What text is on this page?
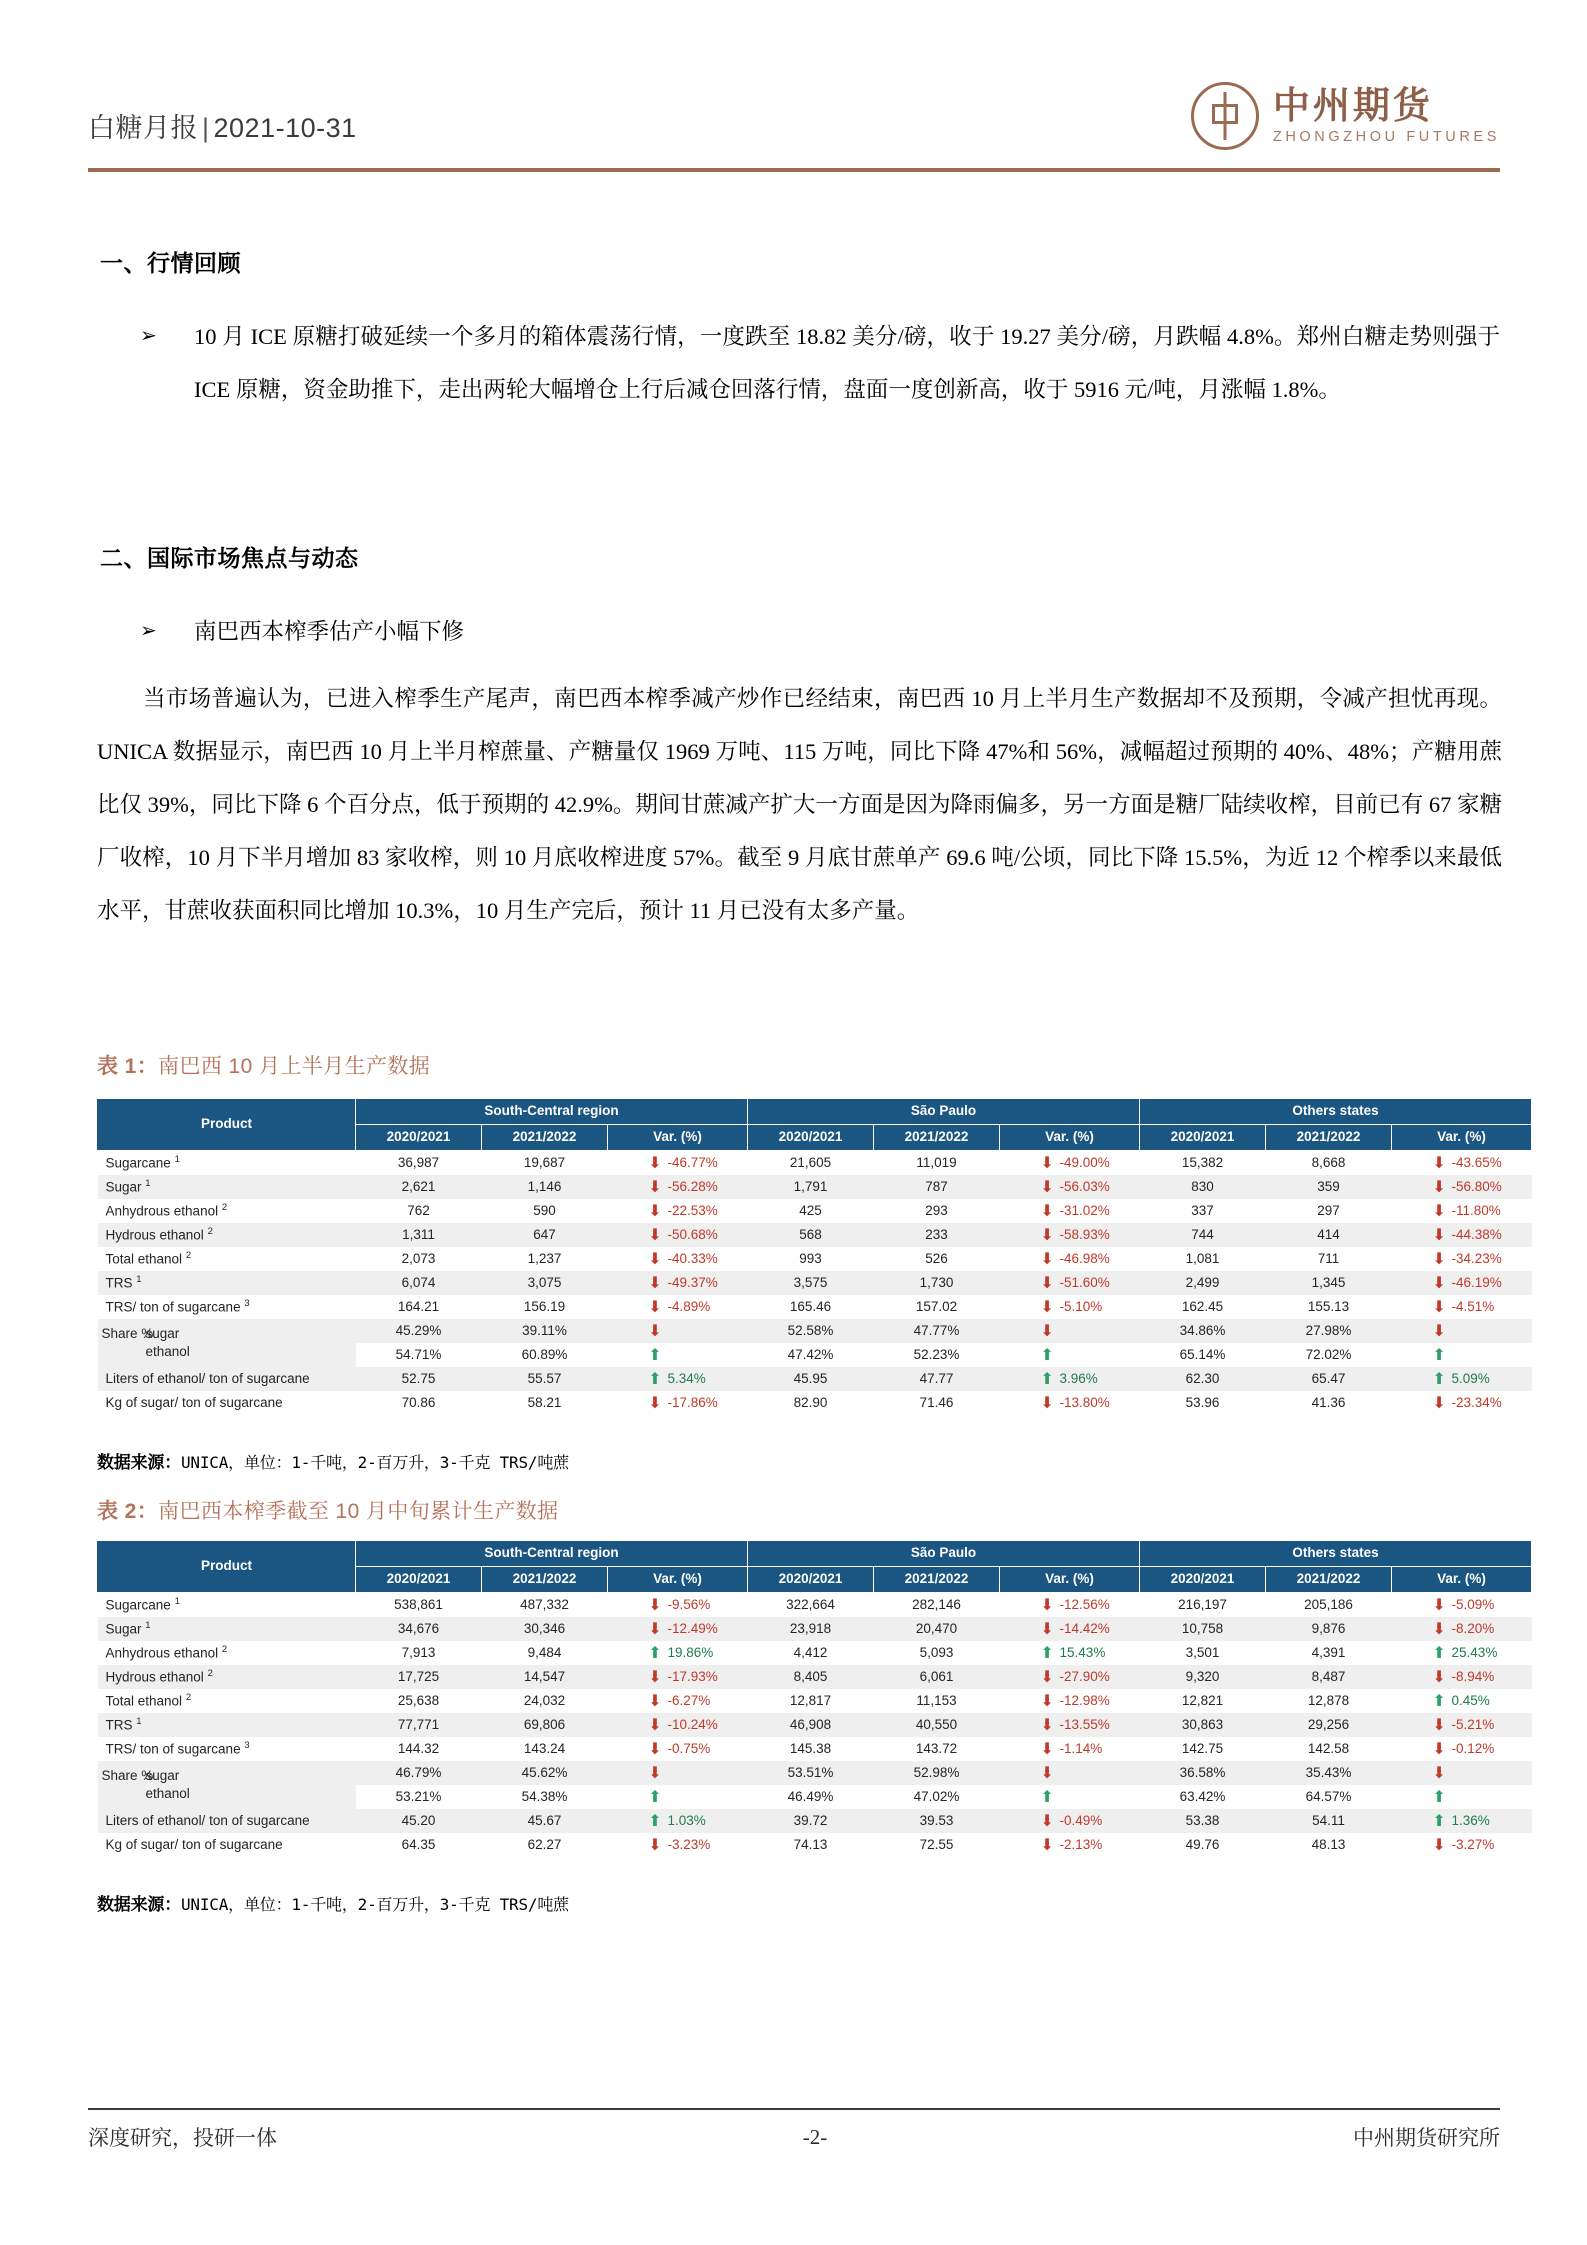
白糖月报 | 2021-10-31
中州期货
ZHONGZHOU FUTURES
一、行情回顾
➢	10 月 ICE 原糖打破延续一个多月的箱体震荡行情，一度跌至 18.82 美分/磅，收于 19.27 美分/磅，月跌幅 4.8%。郑州白糖走势则强于 ICE 原糖，资金助推下，走出两轮大幅增仓上行后减仓回落行情，盘面一度创新高，收于 5916 元/吨，月涨幅 1.8%。
二、国际市场焦点与动态
➢	南巴西本榨季估产小幅下修
当市场普遍认为，已进入榨季生产尾声，南巴西本榨季减产炒作已经结束，南巴西 10 月上半月生产数据却不及预期，令减产担忧再现。UNICA 数据显示，南巴西 10 月上半月榨蔗量、产糖量仅 1969 万吨、115 万吨，同比下降 47%和 56%，减幅超过预期的 40%、48%；产糖用蔗比仅 39%，同比下降 6 个百分点，低于预期的 42.9%。期间甘蔗减产扩大一方面是因为降雨偏多，另一方面是糖厂陆续收榨，目前已有 67 家糖厂收榨，10 月下半月增加 83 家收榨，则 10 月底收榨进度 57%。截至 9 月底甘蔗单产 69.6 吨/公顷，同比下降 15.5%，为近 12 个榨季以来最低水平，甘蔗收获面积同比增加 10.3%，10 月生产完后，预计 11 月已没有太多产量。
表 1：南巴西 10 月上半月生产数据
Product	South-Central region			São Paulo			Others states		
	2020/2021	2021/2022	Var. (%)	2020/2021	2021/2022	Var. (%)	2020/2021	2021/2022	Var. (%)
Sugarcane $^1$	36,987	19,687	⬇ -46.77%	21,605	11,019	⬇ -49.00%	15,382	8,668	⬇ -43.65%
Sugar $^1$	2,621	1,146	⬇ -56.28%	1,791	787	⬇ -56.03%	830	359	⬇ -56.80%
Anhydrous ethanol $^2$	762	590	⬇ -22.53%	425	293	⬇ -31.02%	337	297	⬇ -11.80%
Hydrous ethanol $^2$	1,311	647	⬇ -50.68%	568	233	⬇ -58.93%	744	414	⬇ -44.38%
Total ethanol $^2$	2,073	1,237	⬇ -40.33%	993	526	⬇ -46.98%	1,081	711	⬇ -34.23%
TRS $^1$	6,074	3,075	⬇ -49.37%	3,575	1,730	⬇ -51.60%	2,499	1,345	⬇ -46.19%
TRS/ ton of sugarcane $^3$	164.21	156.19	⬇ -4.89%	165.46	157.02	⬇ -5.10%	162.45	155.13	⬇ -4.51%
Share %sugar
ethanol	45.29%	39.11%	⬇	52.58%	47.77%	⬇	34.86%	27.98%	⬇
	54.71%	60.89%	⬆	47.42%	52.23%	⬆	65.14%	72.02%	⬆
Liters of ethanol/ ton of sugarcane	52.75	55.57	⬆ 5.34%	45.95	47.77	⬆ 3.96%	62.30	65.47	⬆ 5.09%
Kg of sugar/ ton of sugarcane	70.86	58.21	⬇ -17.86%	82.90	71.46	⬇ -13.80%	53.96	41.36	⬇ -23.34%
数据来源：UNICA，单位：1-千吨，2-百万升，3-千克 TRS/吨蔗
表 2：南巴西本榨季截至 10 月中旬累计生产数据
Product	South-Central region			São Paulo			Others states		
	2020/2021	2021/2022	Var. (%)	2020/2021	2021/2022	Var. (%)	2020/2021	2021/2022	Var. (%)
Sugarcane $^1$	538,861	487,332	⬇ -9.56%	322,664	282,146	⬇ -12.56%	216,197	205,186	⬇ -5.09%
Sugar $^1$	34,676	30,346	⬇ -12.49%	23,918	20,470	⬇ -14.42%	10,758	9,876	⬇ -8.20%
Anhydrous ethanol $^2$	7,913	9,484	⬆ 19.86%	4,412	5,093	⬆ 15.43%	3,501	4,391	⬆ 25.43%
Hydrous ethanol $^2$	17,725	14,547	⬇ -17.93%	8,405	6,061	⬇ -27.90%	9,320	8,487	⬇ -8.94%
Total ethanol $^2$	25,638	24,032	⬇ -6.27%	12,817	11,153	⬇ -12.98%	12,821	12,878	⬆ 0.45%
TRS $^1$	77,771	69,806	⬇ -10.24%	46,908	40,550	⬇ -13.55%	30,863	29,256	⬇ -5.21%
TRS/ ton of sugarcane $^3$	144.32	143.24	⬇ -0.75%	145.38	143.72	⬇ -1.14%	142.75	142.58	⬇ -0.12%
Share %sugar
ethanol	46.79%	45.62%	⬇	53.51%	52.98%	⬇	36.58%	35.43%	⬇
	53.21%	54.38%	⬆	46.49%	47.02%	⬆	63.42%	64.57%	⬆
Liters of ethanol/ ton of sugarcane	45.20	45.67	⬆ 1.03%	39.72	39.53	⬇ -0.49%	53.38	54.11	⬆ 1.36%
Kg of sugar/ ton of sugarcane	64.35	62.27	⬇ -3.23%	74.13	72.55	⬇ -2.13%	49.76	48.13	⬇ -3.27%
数据来源：UNICA，单位：1-千吨，2-百万升，3-千克 TRS/吨蔗
深度研究，投研一体	-2-	中州期货研究所
